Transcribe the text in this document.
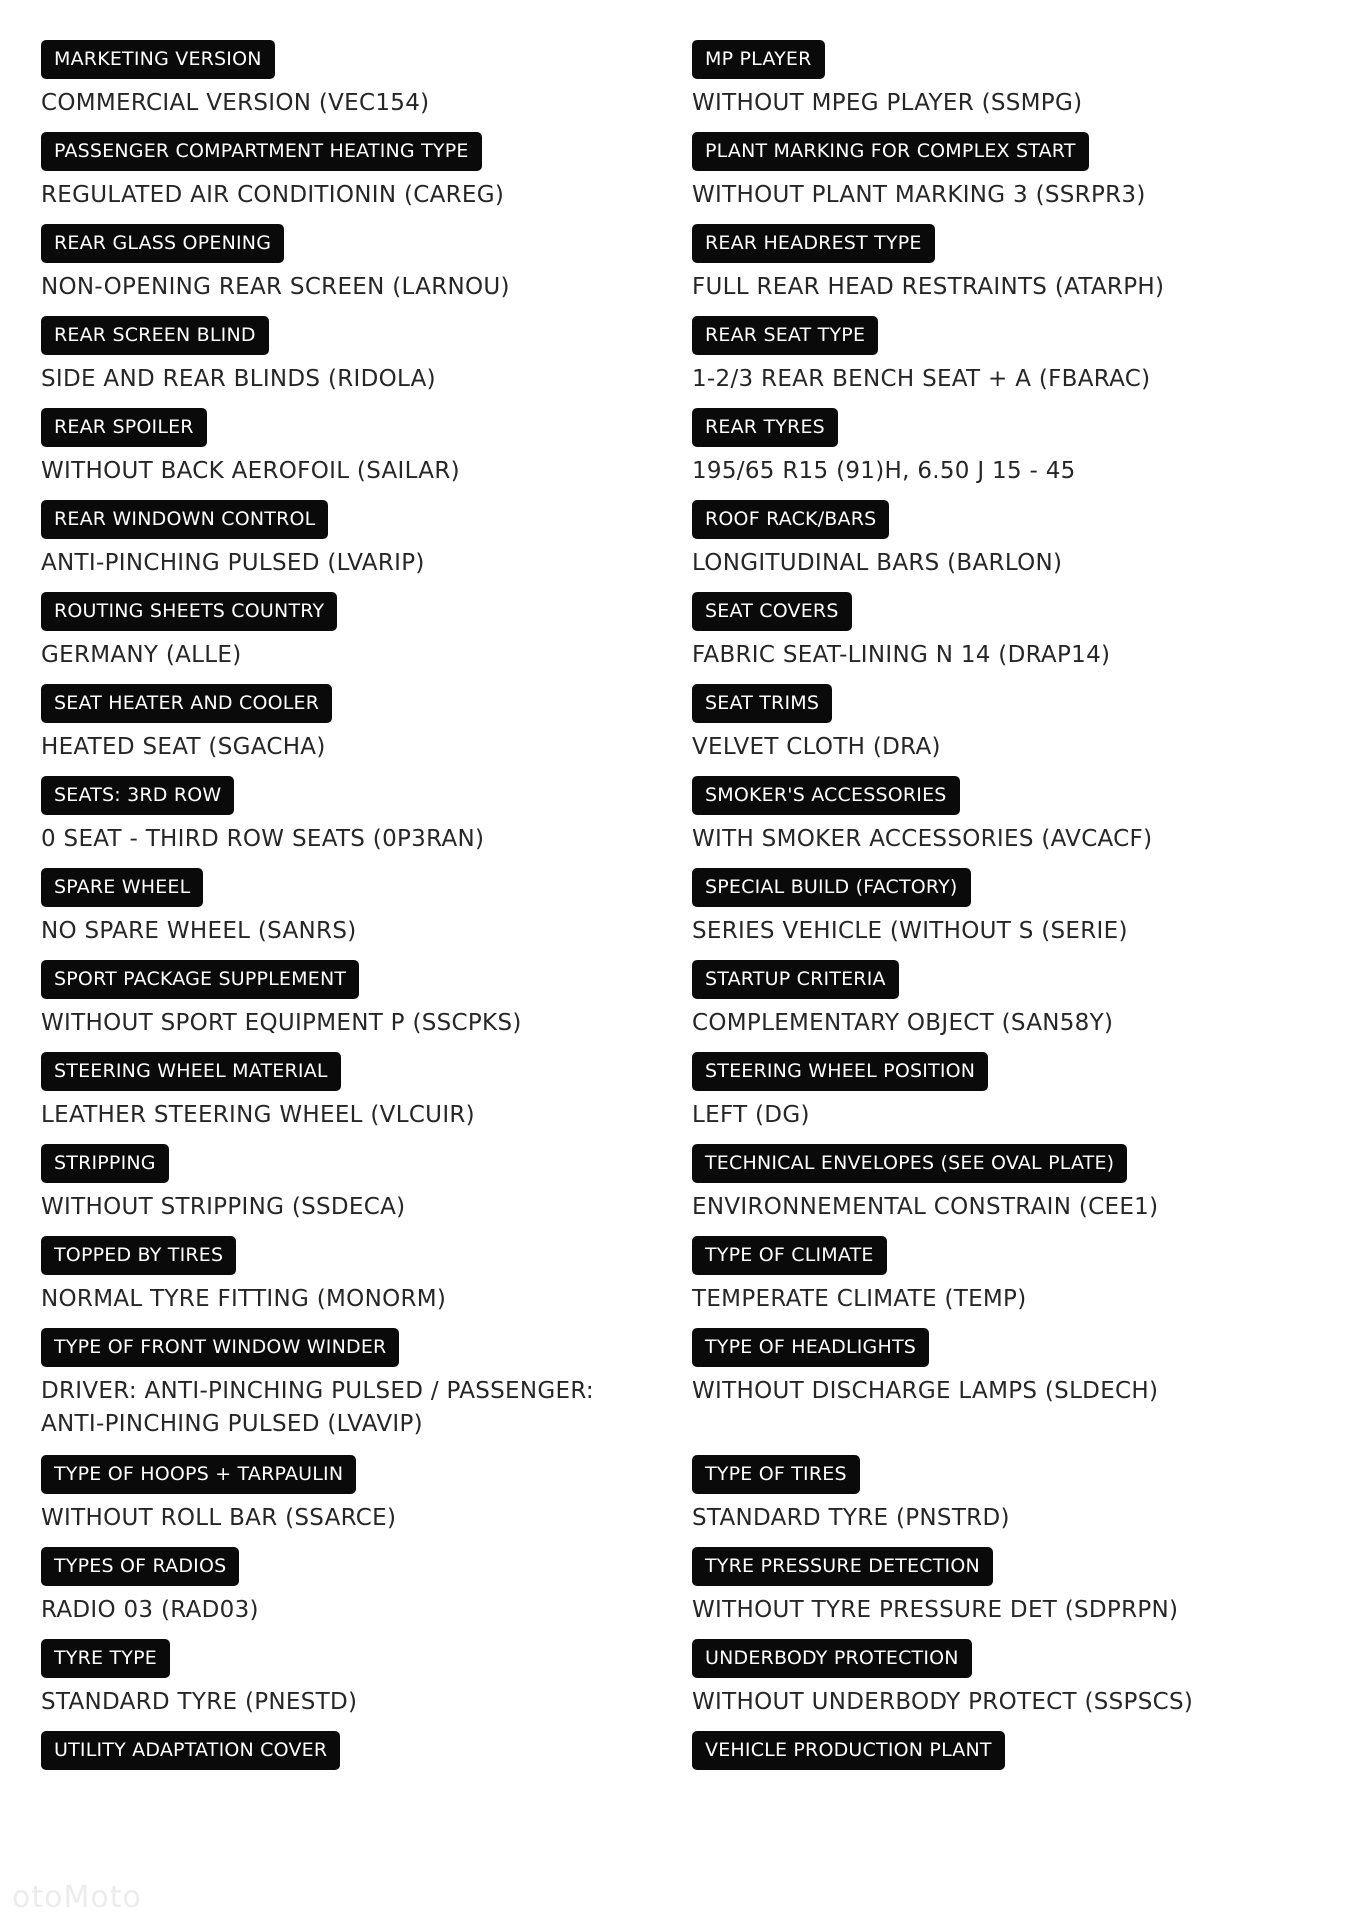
MARKETING VERSION
COMMERCIAL VERSION (VEC154)
PASSENGER COMPARTMENT HEATING TYPE
REGULATED AIR CONDITIONIN (CAREG)
REAR GLASS OPENING
NON-OPENING REAR SCREEN (LARNOU)
REAR SCREEN BLIND
SIDE AND REAR BLINDS (RIDOLA)
REAR SPOILER
WITHOUT BACK AEROFOIL (SAILAR)
REAR WINDOWN CONTROL
ANTI-PINCHING PULSED (LVARIP)
ROUTING SHEETS COUNTRY
GERMANY (ALLE)
SEAT HEATER AND COOLER
HEATED SEAT (SGACHA)
SEATS: 3RD ROW
0 SEAT - THIRD ROW SEATS (0P3RAN)
SPARE WHEEL
NO SPARE WHEEL (SANRS)
SPORT PACKAGE SUPPLEMENT
WITHOUT SPORT EQUIPMENT P (SSCPKS)
STEERING WHEEL MATERIAL
LEATHER STEERING WHEEL (VLCUIR)
STRIPPING
WITHOUT STRIPPING (SSDECA)
TOPPED BY TIRES
NORMAL TYRE FITTING (MONORM)
TYPE OF FRONT WINDOW WINDER
DRIVER: ANTI-PINCHING PULSED / PASSENGER: ANTI-PINCHING PULSED (LVAVIP)
TYPE OF HOOPS + TARPAULIN
WITHOUT ROLL BAR (SSARCE)
TYPES OF RADIOS
RADIO 03 (RAD03)
TYRE TYPE
STANDARD TYRE (PNESTD)
UTILITY ADAPTATION COVER
MP PLAYER
WITHOUT MPEG PLAYER (SSMPG)
PLANT MARKING FOR COMPLEX START
WITHOUT PLANT MARKING 3 (SSRPR3)
REAR HEADREST TYPE
FULL REAR HEAD RESTRAINTS (ATARPH)
REAR SEAT TYPE
1-2/3 REAR BENCH SEAT + A (FBARAC)
REAR TYRES
195/65 R15 (91)H, 6.50 J 15 - 45
ROOF RACK/BARS
LONGITUDINAL BARS (BARLON)
SEAT COVERS
FABRIC SEAT-LINING N 14 (DRAP14)
SEAT TRIMS
VELVET CLOTH (DRA)
SMOKER'S ACCESSORIES
WITH SMOKER ACCESSORIES (AVCACF)
SPECIAL BUILD (FACTORY)
SERIES VEHICLE (WITHOUT S (SERIE)
STARTUP CRITERIA
COMPLEMENTARY OBJECT (SAN58Y)
STEERING WHEEL POSITION
LEFT (DG)
TECHNICAL ENVELOPES (SEE OVAL PLATE)
ENVIRONNEMENTAL CONSTRAIN (CEE1)
TYPE OF CLIMATE
TEMPERATE CLIMATE (TEMP)
TYPE OF HEADLIGHTS
WITHOUT DISCHARGE LAMPS (SLDECH)
TYPE OF TIRES
STANDARD TYRE (PNSTRD)
TYRE PRESSURE DETECTION
WITHOUT TYRE PRESSURE DET (SDPRPN)
UNDERBODY PROTECTION
WITHOUT UNDERBODY PROTECT (SSPSCS)
VEHICLE PRODUCTION PLANT
otoMoto
